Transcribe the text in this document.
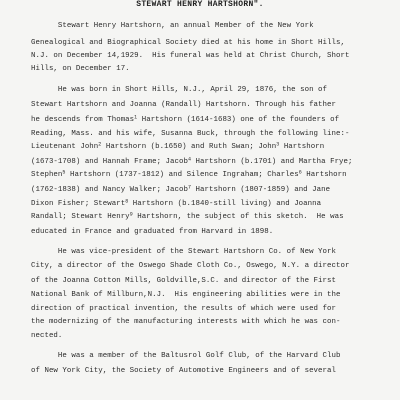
STEWART HENRY HARTSHORN".
Stewart Henry Hartshorn, an annual Member of the New York
Genealogical and Biographical Society died at his home in Short Hills,
N.J. on December 14,1929.  His funeral was held at Christ Church, Short
Hills, on December 17.
He was born in Short Hills, N.J., April 29, 1876, the son of
Stewart Hartshorn and Joanna (Randall) Hartshorn. Through his father
he descends from Thomas$^1$ Hartshorn (1614-1683) one of the founders of
Reading, Mass. and his wife, Susanna Buck, through the following line:-
Lieutenant John$^2$ Hartshorn (b.1650) and Ruth Swan; John$^3$ Hartshorn
(1673-1708) and Hannah Frame; Jacob$^4$ Hartshorn (b.1701) and Martha Frye;
Stephen$^5$ Hartshorn (1737-1812) and Silence Ingraham; Charles$^6$ Hartshorn
(1762-1838) and Nancy Walker; Jacob$^7$ Hartshorn (1807-1859) and Jane
Dixon Fisher; Stewart$^8$ Hartshorn (b.1840-still living) and Joanna
Randall; Stewart Henry$^9$ Hartshorn, the subject of this sketch.  He was
educated in France and graduated from Harvard in 1898.
He was vice-president of the Stewart Hartshorn Co. of New York
City, a director of the Oswego Shade Cloth Co., Oswego, N.Y. a director
of the Joanna Cotton Mills, Goldville,S.C. and director of the First
National Bank of Millburn,N.J.  His engineering abilities were in the
direction of practical invention, the results of which were used for
the modernizing of the manufacturing interests with which he was con-
nected.
He was a member of the Baltusrol Golf Club, of the Harvard Club
of New York City, the Society of Automotive Engineers and of several
